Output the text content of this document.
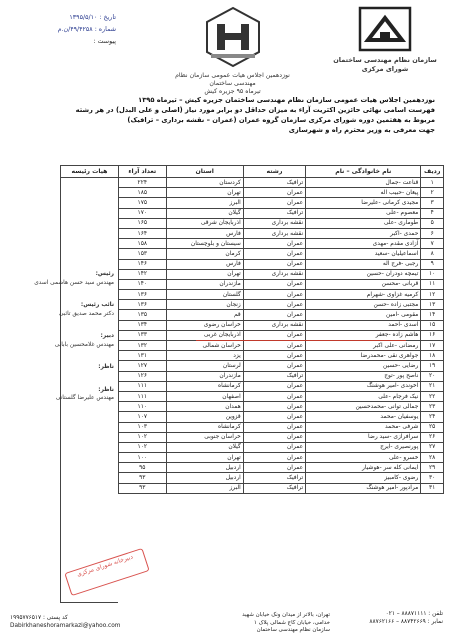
تاریخ : ۱۳۹۵/۵/۱۰
شماره : ۴۹/۴۲۵۸/ن.م
پیوست :
نوزدهمین اجلاس هیات عمومی سازمان نظام مهندسی ساختمان
تیرماه ۹۵ جزیره کیش
سازمان نظام مهندسی ساختمان
شورای مرکزی
نوزدهمین اجلاس هیات عمومی سازمان نظام مهندسی ساختمان جزیره کیش – تیرماه ۱۳۹۵
فهرست اسامی نهائی حائزین اکثریت آراء به میزان حداقل دو برابر مورد نیاز (اصلی و علی البدل) در هر رشته
مربوط به هفتمین دوره شورای مرکزی سازمان گروه عمران (عمران – نقشه برداری – ترافیک)
جهت معرفی به وزیر محترم راه و شهرسازی
هیات رئیسه
رئیس:
مهندس سید حسن هاشمی اسدی
نائب رئیس:
دکتر محمد صدیق تائبی
دبیر:
مهندس غلامحسین بابایی
ناظر:
ناظر:
مهندس علیرضا گلستانی
ردیف	نام خانوادگی – نام	رشته	استان	تعداد آراء
۱	قناعت -جمال	ترافیک	کردستان	۲۲۴
۲	پیغان -حبیب اله	عمران	تهران	۱۸۵
۳	مجیدی کرمانی -علیرضا	عمران	البرز	۱۷۵
۴	معصوم -علی	ترافیک	گیلان	۱۷۰
۵	طوماری -علی	نقشه برداری	آذربایجان شرقی	۱۶۵
۶	حمدی -اکبر	نقشه برداری	فارس	۱۶۴
۷	آزادی مقدم -مهدی	عمران	سیستان و بلوچستان	۱۵۸
۸	اسماعیلیان -سعید	عمران	کرمان	۱۵۳
۹	رجبی -فرج اله	عمران	فارس	۱۴۶
۱۰	تیمچه دودران -حسین	نقشه برداری	تهران	۱۴۲
۱۱	قربانی -محسن	عمران	مازندران	۱۴۰
۱۲	کرمیه غزاوی -شهرام	عمران	گلستان	۱۳۶
۱۳	مجتبی زاده -حسن	عمران	زنجان	۱۳۶
۱۴	مقومی -امین	عمران	قم	۱۳۵
۱۵	اسدی -احمد	نقشه برداری	خراسان رضوی	۱۳۴
۱۶	هاشم زاده -جعفر	عمران	آذربایجان غربی	۱۳۳
۱۷	رمضانی -علی اکبر	عمران	خراسان شمالی	۱۳۲
۱۸	جواهری نقی -محمدرضا	عمران	یزد	۱۳۱
۱۹	رضایی -حسین	عمران	لرستان	۱۲۷
۲۰	ناصح پور -توج	ترافیک	مازندران	۱۲۶
۲۱	آخوندی -امیر هوشنگ	عمران	کرمانشاه	۱۱۱
۲۲	نیک فرجام -علی	عمران	اصفهان	۱۱۱
۲۳	جمالی توانی -محمدحسین	عمران	همدان	۱۱۰
۲۴	یوسفیان -محمد	عمران	قزوین	۱۰۷
۲۵	شرفی -محمد	عمران	کرمانشاه	۱۰۳
۲۶	سرافرازی -سید رضا	عمران	خراسان جنوبی	۱۰۲
۲۷	پورنصیری -ایرج	عمران	گیلان	۱۰۲
۲۸	خسرو -علی	عمران	تهران	۱۰۰
۲۹	ایمانی کله سر -هوشیار	عمران	اردبیل	۹۵
۳۰	رضوی -کامبیز	ترافیک	اردبیل	۹۳
۳۱	مرادپور -امیر هوشنگ	ترافیک	البرز	۹۳
دبیرخانه شورای مرکزی
تلفن : ۸۸۸۷۱۱۱۱ – ۰۲۱
نمابر : ۸۸۷۴۲۶۶۹ – ۸۸۷۶۲۱۶۶
تهران، بالاتر از میدان ونک خیابان شهید
خدامی، خیابان کاج شمالی پلاک ۱
سازمان نظام مهندسی ساختمان
کد پستی : ۱۹۹۵۷۷۶۵۱۷
Dabirkhaneshoramarkazi@yahoo.com
